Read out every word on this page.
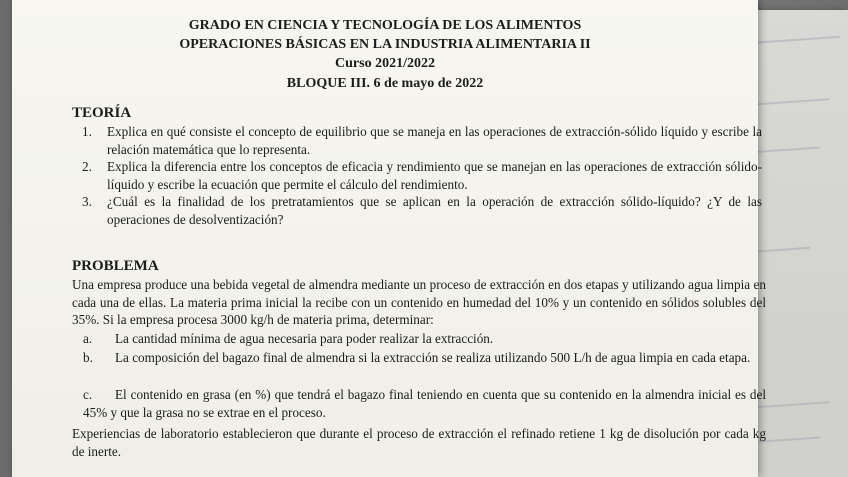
GRADO EN CIENCIA Y TECNOLOGÍA DE LOS ALIMENTOS
OPERACIONES BÁSICAS EN LA INDUSTRIA ALIMENTARIA II
Curso 2021/2022
BLOQUE III. 6 de mayo de 2022
TEORÍA
1. Explica en qué consiste el concepto de equilibrio que se maneja en las operaciones de extracción-sólido líquido y escribe la relación matemática que lo representa.
2. Explica la diferencia entre los conceptos de eficacia y rendimiento que se manejan en las operaciones de extracción sólido-líquido y escribe la ecuación que permite el cálculo del rendimiento.
3. ¿Cuál es la finalidad de los pretratamientos que se aplican en la operación de extracción sólido-líquido? ¿Y de las operaciones de desolventización?
PROBLEMA
Una empresa produce una bebida vegetal de almendra mediante un proceso de extracción en dos etapas y utilizando agua limpia en cada una de ellas. La materia prima inicial la recibe con un contenido en humedad del 10% y un contenido en sólidos solubles del 35%. Si la empresa procesa 3000 kg/h de materia prima, determinar:
a. La cantidad mínima de agua necesaria para poder realizar la extracción.
b. La composición del bagazo final de almendra si la extracción se realiza utilizando 500 L/h de agua limpia en cada etapa.
c. El contenido en grasa (en %) que tendrá el bagazo final teniendo en cuenta que su contenido en la almendra inicial es del 45% y que la grasa no se extrae en el proceso.
Experiencias de laboratorio establecieron que durante el proceso de extracción el refinado retiene 1 kg de disolución por cada kg de inerte.
